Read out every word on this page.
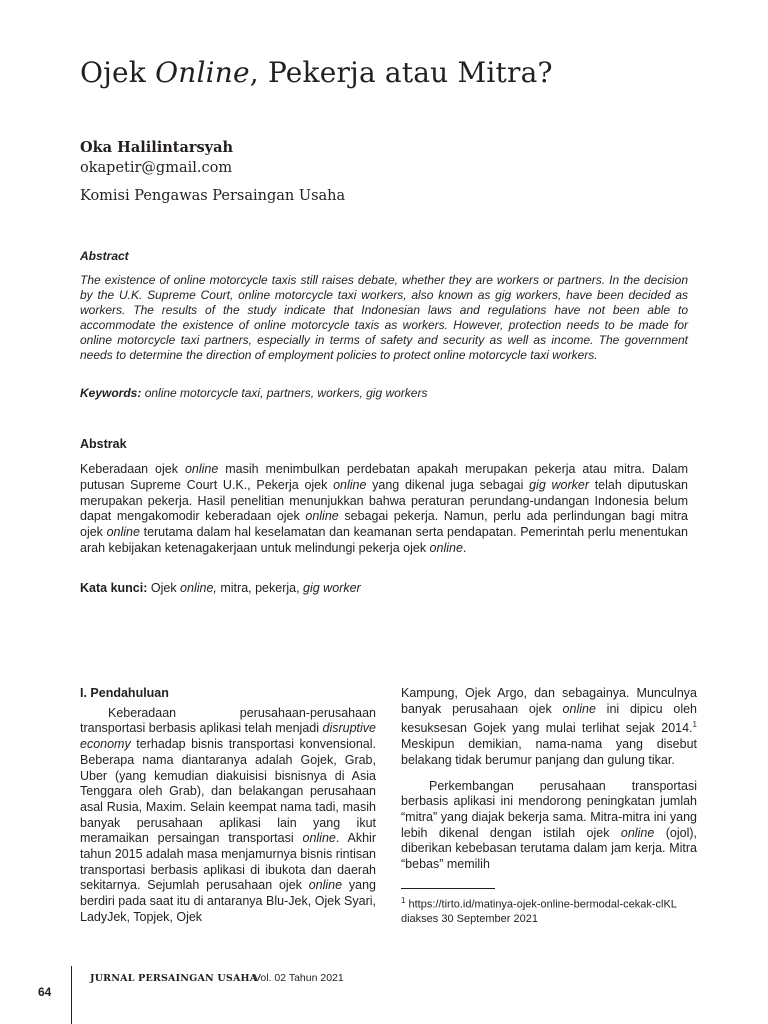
Ojek Online, Pekerja atau Mitra?
Oka Halilintarsyah
okapetir@gmail.com
Komisi Pengawas Persaingan Usaha
Abstract
The existence of online motorcycle taxis still raises debate, whether they are workers or partners. In the decision by the U.K. Supreme Court, online motorcycle taxi workers, also known as gig workers, have been decided as workers. The results of the study indicate that Indonesian laws and regulations have not been able to accommodate the existence of online motorcycle taxis as workers. However, protection needs to be made for online motorcycle taxi partners, especially in terms of safety and security as well as income. The government needs to determine the direction of employment policies to protect online motorcycle taxi workers.
Keywords: online motorcycle taxi, partners, workers, gig workers
Abstrak
Keberadaan ojek online masih menimbulkan perdebatan apakah merupakan pekerja atau mitra. Dalam putusan Supreme Court U.K., Pekerja ojek online yang dikenal juga sebagai gig worker telah diputuskan merupakan pekerja. Hasil penelitian menunjukkan bahwa peraturan perundang-undangan Indonesia belum dapat mengakomodir keberadaan ojek online sebagai pekerja. Namun, perlu ada perlindungan bagi mitra ojek online terutama dalam hal keselamatan dan keamanan serta pendapatan. Pemerintah perlu menentukan arah kebijakan ketenagakerjaan untuk melindungi pekerja ojek online.
Kata kunci: Ojek online, mitra, pekerja, gig worker
I. Pendahuluan

Keberadaan perusahaan-perusahaan transportasi berbasis aplikasi telah menjadi disruptive economy terhadap bisnis transportasi konvensional. Beberapa nama diantaranya adalah Gojek, Grab, Uber (yang kemudian diakuisisi bisnisnya di Asia Tenggara oleh Grab), dan belakangan perusahaan asal Rusia, Maxim. Selain keempat nama tadi, masih banyak perusahaan aplikasi lain yang ikut meramaikan persaingan transportasi online. Akhir tahun 2015 adalah masa menjamurnya bisnis rintisan transportasi berbasis aplikasi di ibukota dan daerah sekitarnya. Sejumlah perusahaan ojek online yang berdiri pada saat itu di antaranya Blu-Jek, Ojek Syari, LadyJek, Topjek, Ojek

Kampung, Ojek Argo, dan sebagainya. Munculnya banyak perusahaan ojek online ini dipicu oleh kesuksesan Gojek yang mulai terlihat sejak 2014.$^1$ Meskipun demikian, nama-nama yang disebut belakang tidak berumur panjang dan gulung tikar.

Perkembangan perusahaan transportasi berbasis aplikasi ini mendorong peningkatan jumlah “mitra” yang diajak bekerja sama. Mitra-mitra ini yang lebih dikenal dengan istilah ojek online (ojol), diberikan kebebasan terutama dalam jam kerja. Mitra “bebas” memilih

$^1$ https://tirto.id/matinya-ojek-online-bermodal-cekak-clKL diakses 30 September 2021
64
JURNAL PERSAINGAN USAHA
Vol. 02 Tahun 2021
